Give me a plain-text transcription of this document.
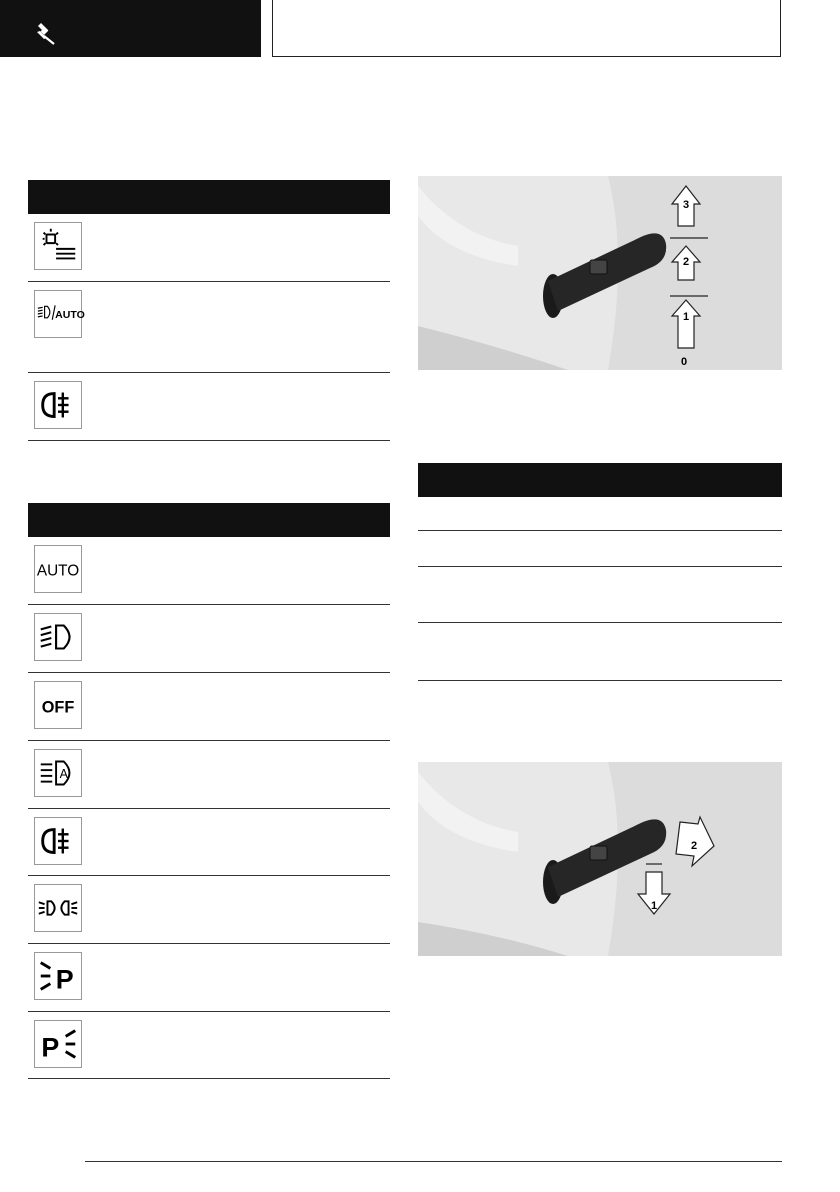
AUTO
AUTO
OFF
A
P
P
3
2
1
0
1
2
